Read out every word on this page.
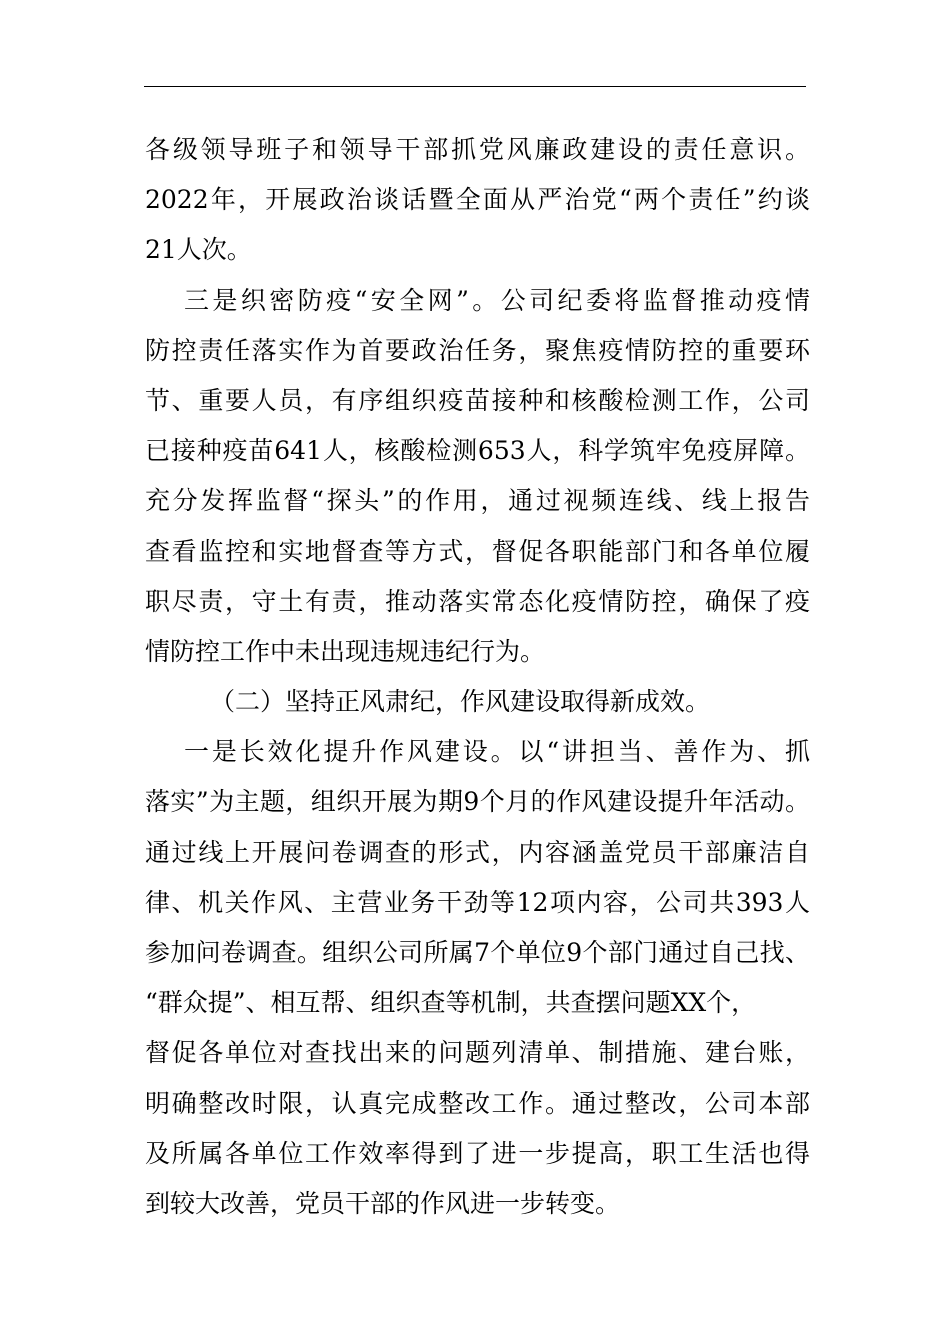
各级领导班子和领导干部抓党风廉政建设的责任意识。
2022年，开展政治谈话暨全面从严治党“两个责任”约谈
21人次。
三是织密防疫“安全网”。公司纪委将监督推动疫情
防控责任落实作为首要政治任务，聚焦疫情防控的重要环
节、重要人员，有序组织疫苗接种和核酸检测工作，公司
已接种疫苗641人，核酸检测653人，科学筑牢免疫屏障。
充分发挥监督“探头”的作用，通过视频连线、线上报告
查看监控和实地督查等方式，督促各职能部门和各单位履
职尽责，守土有责，推动落实常态化疫情防控，确保了疫
情防控工作中未出现违规违纪行为。
（二）坚持正风肃纪，作风建设取得新成效。
一是长效化提升作风建设。以“讲担当、善作为、抓
落实”为主题，组织开展为期9个月的作风建设提升年活动。
通过线上开展问卷调查的形式，内容涵盖党员干部廉洁自
律、机关作风、主营业务干劲等12项内容，公司共393人
参加问卷调查。组织公司所属7个单位9个部门通过自己找、
“群众提”、相互帮、组织查等机制，共查摆问题XX个，
督促各单位对查找出来的问题列清单、制措施、建台账，
明确整改时限，认真完成整改工作。通过整改，公司本部
及所属各单位工作效率得到了进一步提高，职工生活也得
到较大改善，党员干部的作风进一步转变。
